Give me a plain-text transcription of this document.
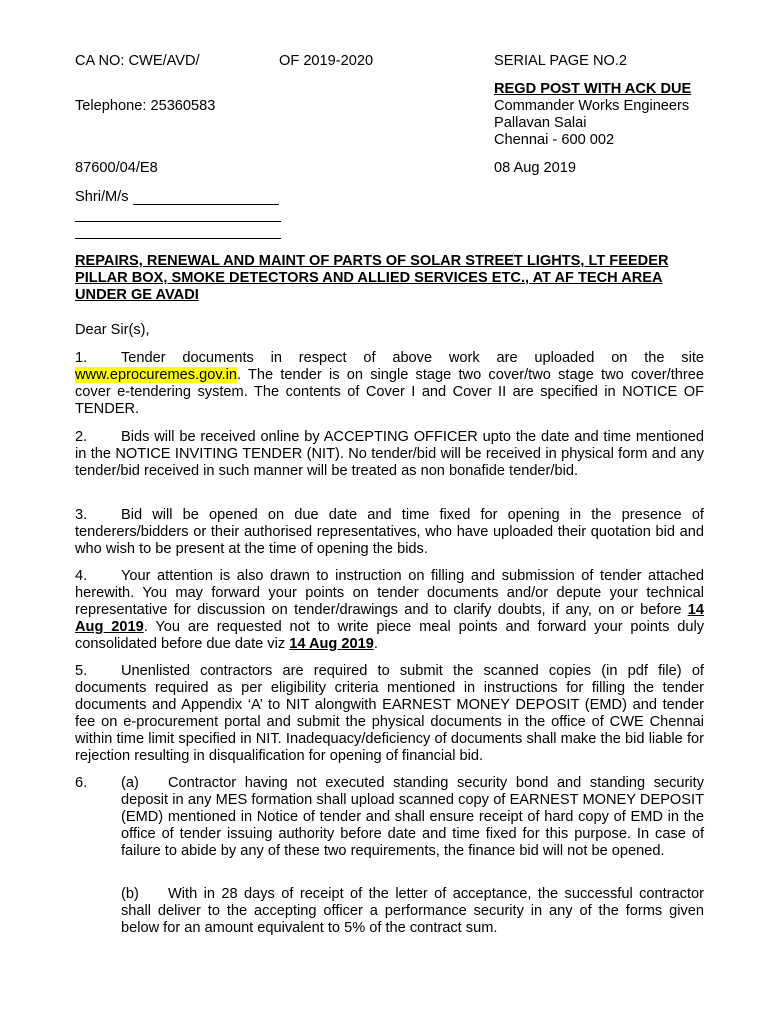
CA NO: CWE/AVD/	OF 2019-2020	SERIAL PAGE NO.2
REGD POST WITH ACK DUE
Commander Works Engineers
Pallavan Salai
Chennai - 600 002
Telephone: 25360583
87600/04/E8	08 Aug 2019
Shri/M/s
REPAIRS, RENEWAL AND MAINT OF PARTS OF SOLAR STREET LIGHTS, LT FEEDER PILLAR BOX, SMOKE DETECTORS AND ALLIED SERVICES ETC., AT AF TECH AREA UNDER GE AVADI
Dear Sir(s),
1. Tender documents in respect of above work are uploaded on the site www.eprocuremes.gov.in. The tender is on single stage two cover/two stage two cover/three cover e-tendering system. The contents of Cover I and Cover II are specified in NOTICE OF TENDER.
2. Bids will be received online by ACCEPTING OFFICER upto the date and time mentioned in the NOTICE INVITING TENDER (NIT). No tender/bid will be received in physical form and any tender/bid received in such manner will be treated as non bonafide tender/bid.
3. Bid will be opened on due date and time fixed for opening in the presence of tenderers/bidders or their authorised representatives, who have uploaded their quotation bid and who wish to be present at the time of opening the bids.
4. Your attention is also drawn to instruction on filling and submission of tender attached herewith. You may forward your points on tender documents and/or depute your technical representative for discussion on tender/drawings and to clarify doubts, if any, on or before 14 Aug 2019. You are requested not to write piece meal points and forward your points duly consolidated before due date viz 14 Aug 2019.
5. Unenlisted contractors are required to submit the scanned copies (in pdf file) of documents required as per eligibility criteria mentioned in instructions for filling the tender documents and Appendix ‘A’ to NIT alongwith EARNEST MONEY DEPOSIT (EMD) and tender fee on e-procurement portal and submit the physical documents in the office of CWE Chennai within time limit specified in NIT. Inadequacy/deficiency of documents shall make the bid liable for rejection resulting in disqualification for opening of financial bid.
6. (a) Contractor having not executed standing security bond and standing security deposit in any MES formation shall upload scanned copy of EARNEST MONEY DEPOSIT (EMD) mentioned in Notice of tender and shall ensure receipt of hard copy of EMD in the office of tender issuing authority before date and time fixed for this purpose. In case of failure to abide by any of these two requirements, the finance bid will not be opened.
(b) With in 28 days of receipt of the letter of acceptance, the successful contractor shall deliver to the accepting officer a performance security in any of the forms given below for an amount equivalent to 5% of the contract sum.
